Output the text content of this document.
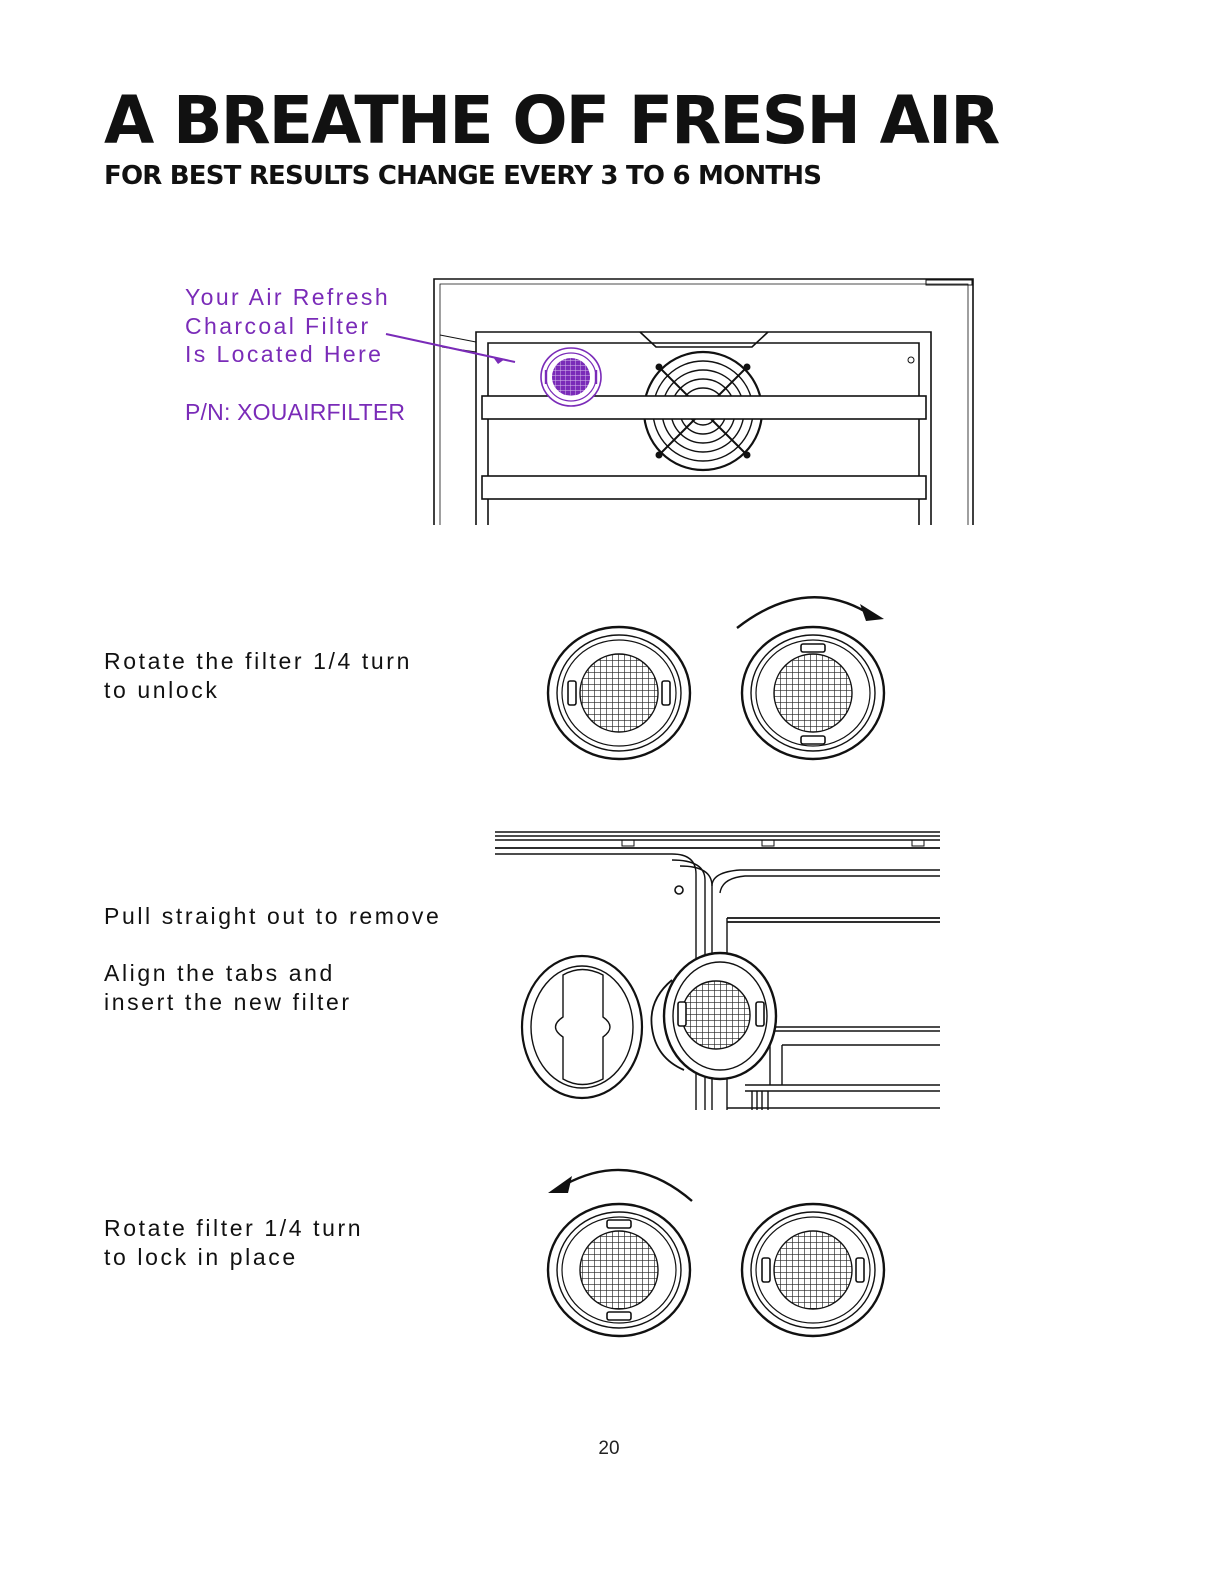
A BREATHE OF FRESH AIR
FOR BEST RESULTS CHANGE EVERY 3 TO 6 MONTHS
Your Air Refresh
Charcoal Filter
Is Located Here
P/N: XOUAIRFILTER
Rotate the filter 1/4 turn
to unlock
Pull straight out to remove
Align the tabs and
insert the new filter
Rotate filter 1/4 turn
to lock in place
20
